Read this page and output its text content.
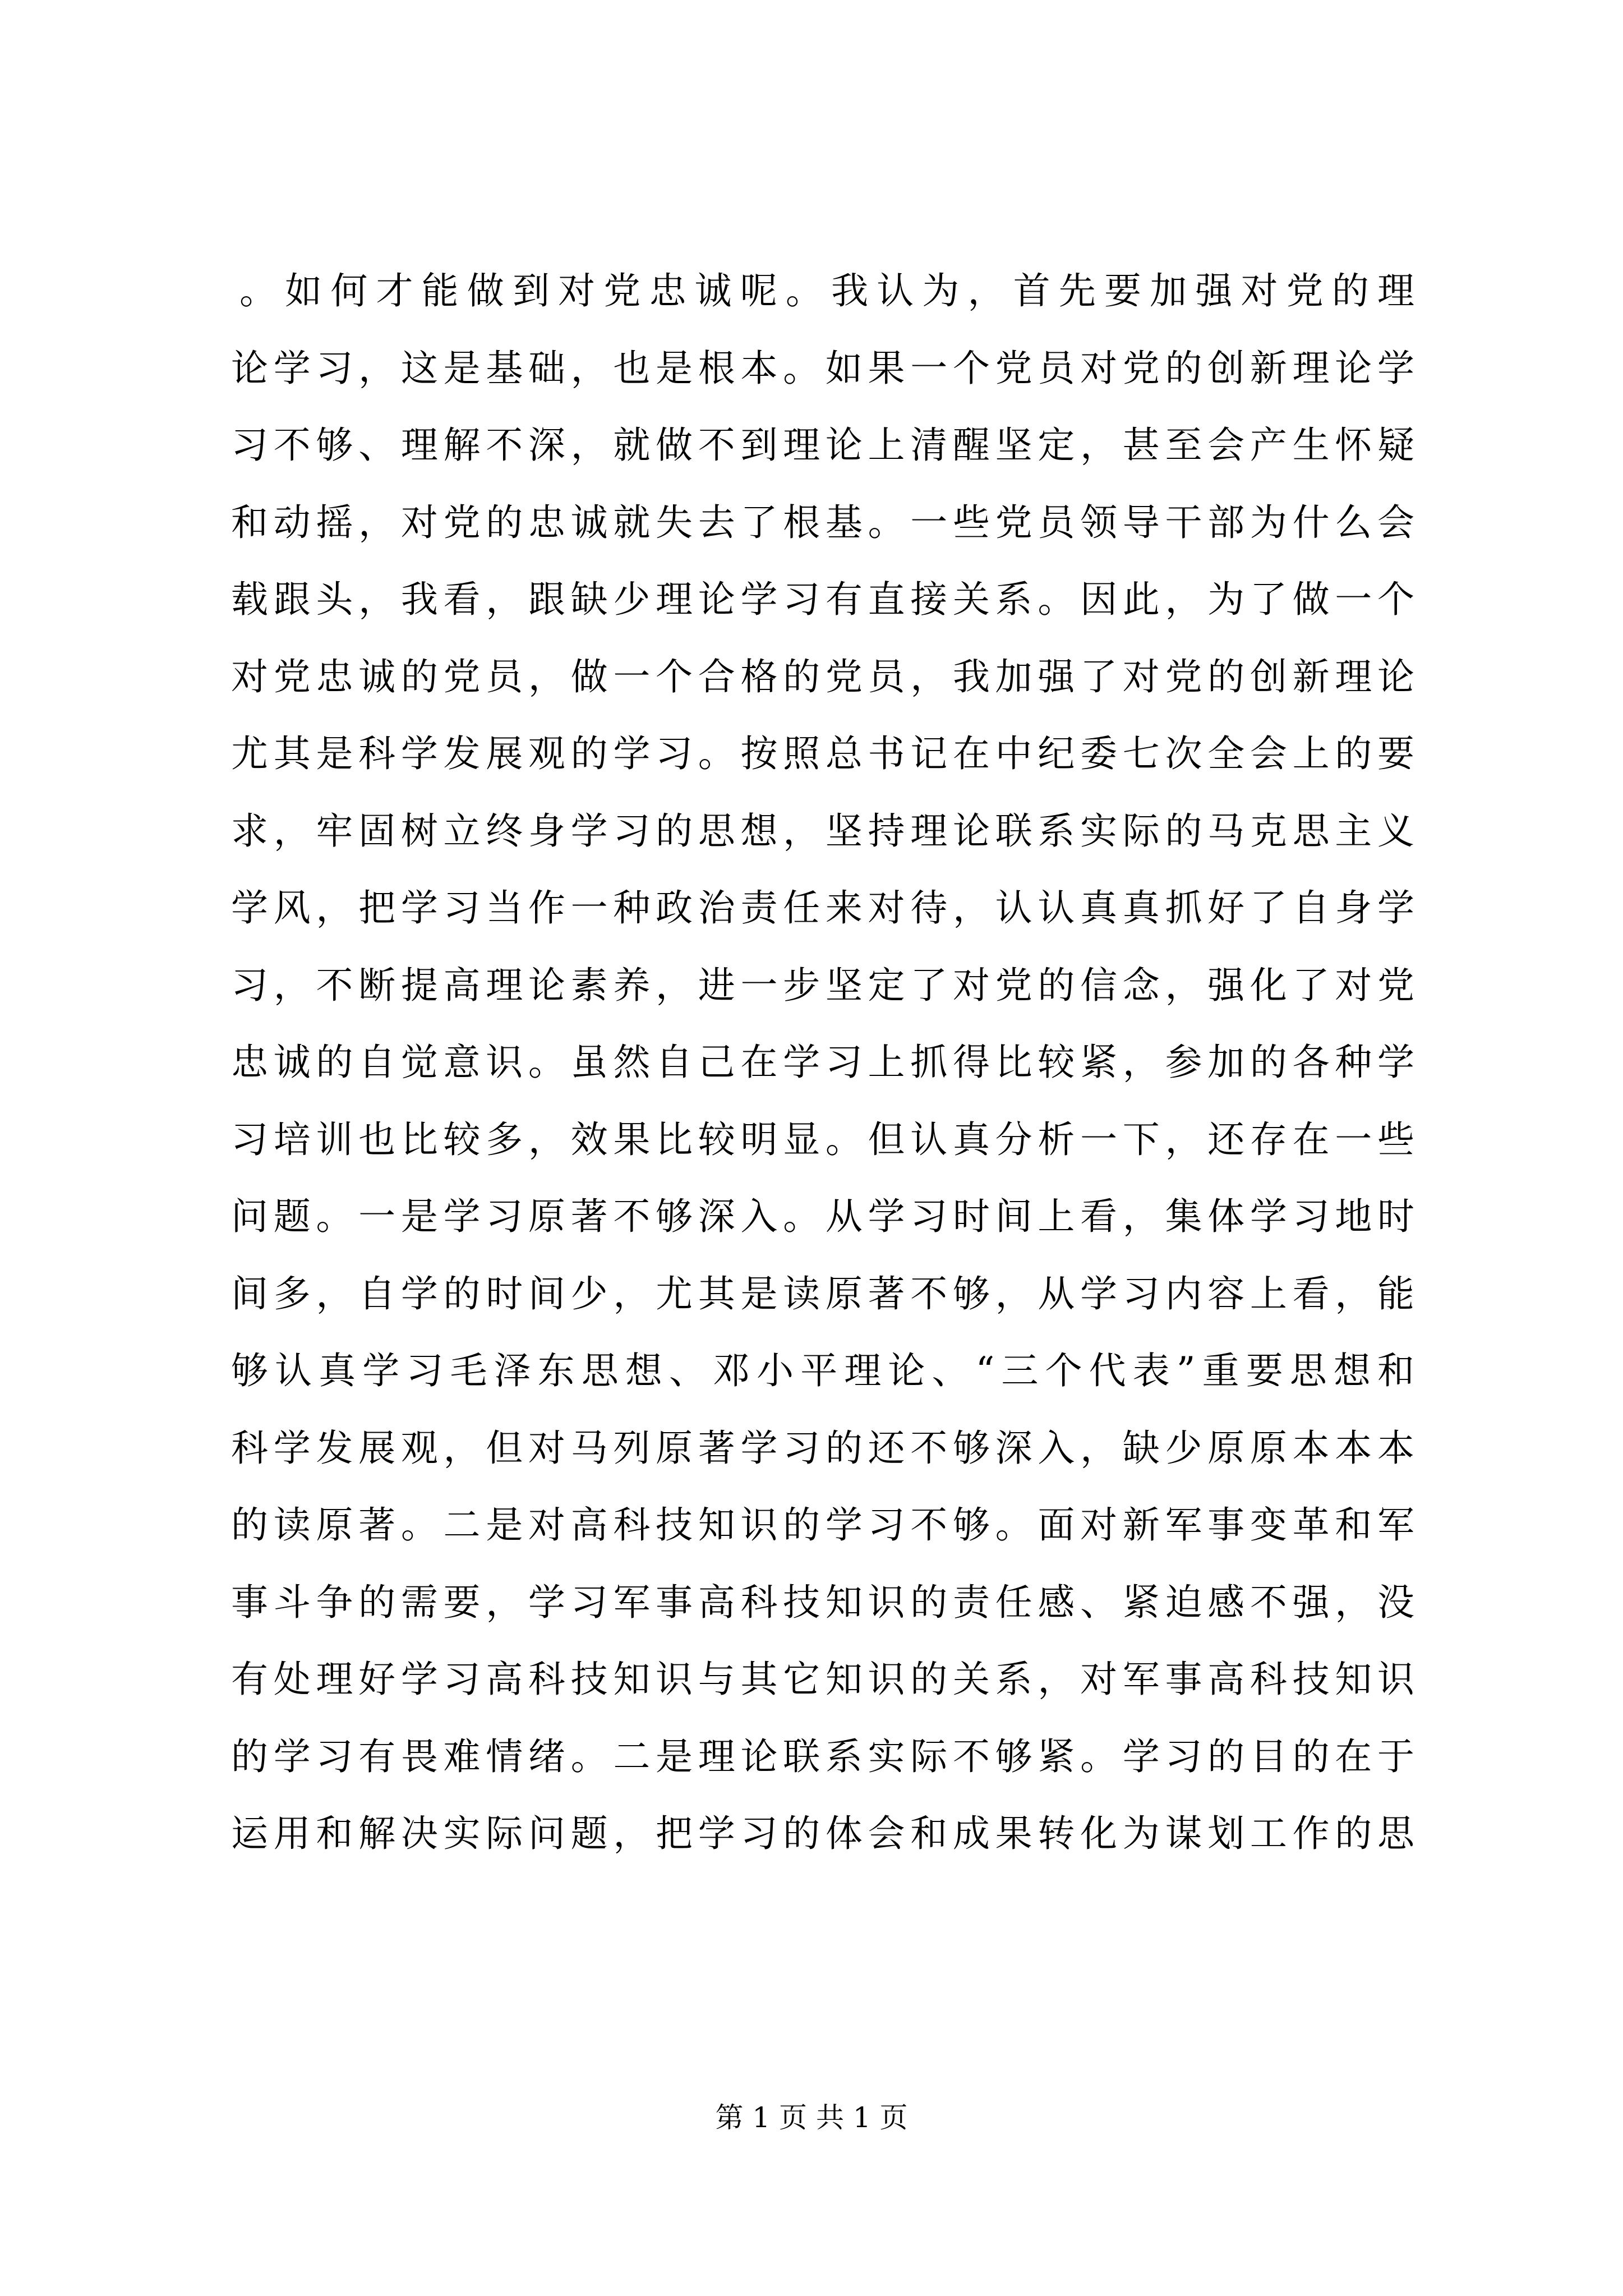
。如何才能做到对党忠诚呢。我认为，首先要加强对党的理
论学习，这是基础，也是根本。如果一个党员对党的创新理论学
习不够、理解不深，就做不到理论上清醒坚定，甚至会产生怀疑
和动摇，对党的忠诚就失去了根基。一些党员领导干部为什么会
载跟头，我看，跟缺少理论学习有直接关系。因此，为了做一个
对党忠诚的党员，做一个合格的党员，我加强了对党的创新理论
尤其是科学发展观的学习。按照总书记在中纪委七次全会上的要
求，牢固树立终身学习的思想，坚持理论联系实际的马克思主义
学风，把学习当作一种政治责任来对待，认认真真抓好了自身学
习，不断提高理论素养，进一步坚定了对党的信念，强化了对党
忠诚的自觉意识。虽然自己在学习上抓得比较紧，参加的各种学
习培训也比较多，效果比较明显。但认真分析一下，还存在一些
问题。一是学习原著不够深入。从学习时间上看，集体学习地时
间多，自学的时间少，尤其是读原著不够，从学习内容上看，能
够认真学习毛泽东思想、邓小平理论、“三个代表”重要思想和
科学发展观，但对马列原著学习的还不够深入，缺少原原本本本
的读原著。二是对高科技知识的学习不够。面对新军事变革和军
事斗争的需要，学习军事高科技知识的责任感、紧迫感不强，没
有处理好学习高科技知识与其它知识的关系，对军事高科技知识
的学习有畏难情绪。二是理论联系实际不够紧。学习的目的在于
运用和解决实际问题，把学习的体会和成果转化为谋划工作的思
第 1 页 共 1 页
